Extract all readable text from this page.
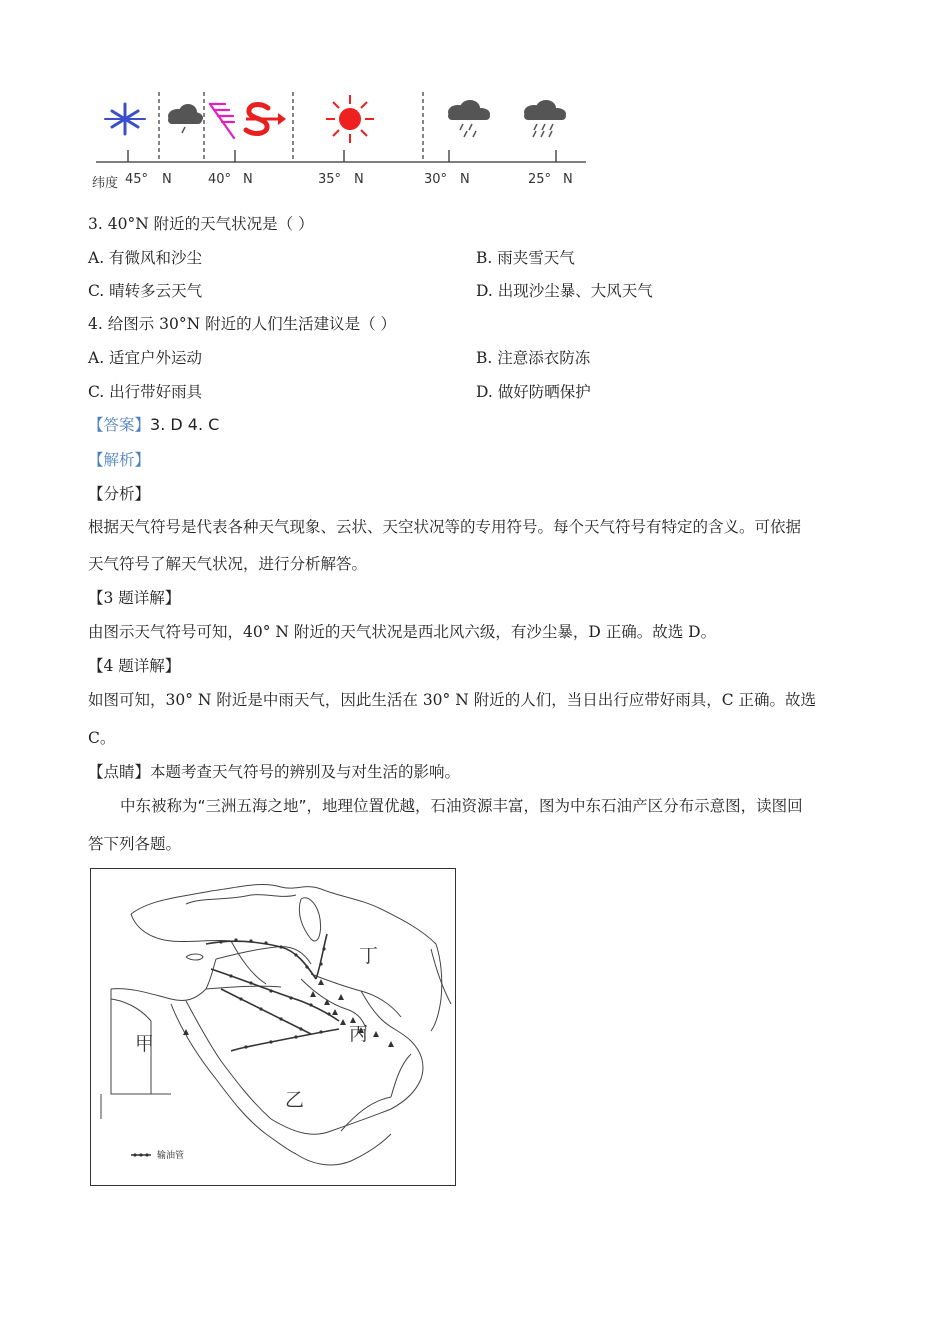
纬度 45° N	40° N	35° N	30° N	25° N
3. 40°N 附近的天气状况是（ ）
A. 有微风和沙尘	B. 雨夹雪天气
C. 晴转多云天气	D. 出现沙尘暴、大风天气
4. 给图示 30°N 附近的人们生活建议是（ ）
A. 适宜户外运动	B. 注意添衣防冻
C. 出行带好雨具	D. 做好防晒保护
【答案】3. D 4. C
【解析】
【分析】
根据天气符号是代表各种天气现象、云状、天空状况等的专用符号。每个天气符号有特定的含义。可依据
天气符号了解天气状况，进行分析解答。
【3 题详解】
由图示天气符号可知，40° N 附近的天气状况是西北风六级，有沙尘暴，D 正确。故选 D。
【4 题详解】
如图可知，30° N 附近是中雨天气，因此生活在 30° N 附近的人们，当日出行应带好雨具，C 正确。故选
C。
【点睛】本题考查天气符号的辨别及与对生活的影响。
中东被称为“三洲五海之地”，地理位置优越，石油资源丰富，图为中东石油产区分布示意图，读图回
答下列各题。
丁
丙
甲
乙
输油管
